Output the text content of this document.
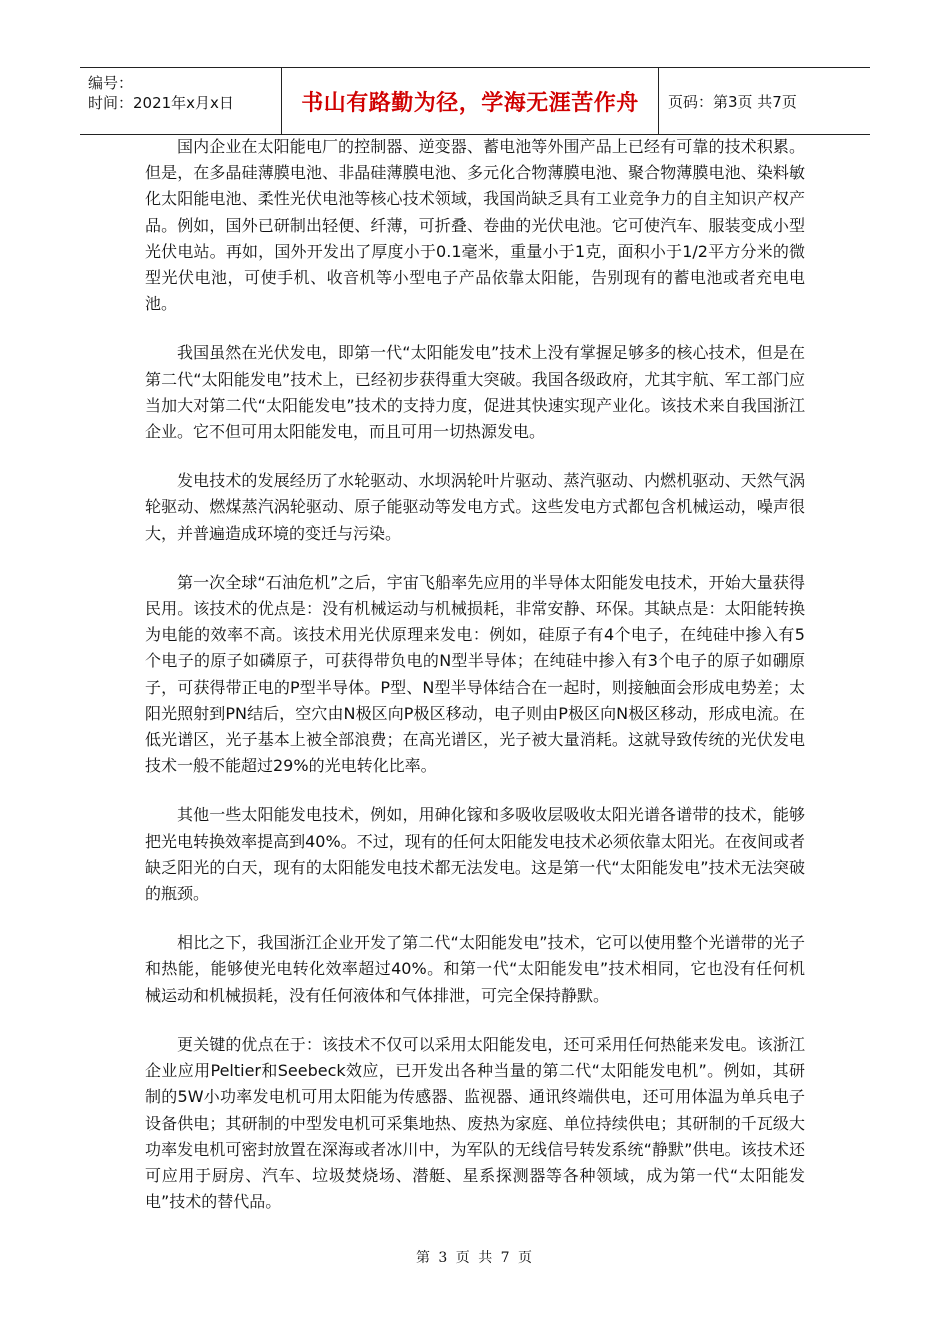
编号：
时间：2021年x月x日	书山有路勤为径，学海无涯苦作舟	页码：第3页 共7页

国内企业在太阳能电厂的控制器、逆变器、蓄电池等外围产品上已经有可靠的技术积累。但是，在多晶硅薄膜电池、非晶硅薄膜电池、多元化合物薄膜电池、聚合物薄膜电池、染料敏化太阳能电池、柔性光伏电池等核心技术领域，我国尚缺乏具有工业竞争力的自主知识产权产品。例如，国外已研制出轻便、纤薄，可折叠、卷曲的光伏电池。它可使汽车、服装变成小型光伏电站。再如，国外开发出了厚度小于0.1毫米，重量小于1克，面积小于1/2平方分米的微型光伏电池，可使手机、收音机等小型电子产品依靠太阳能，告别现有的蓄电池或者充电电池。

我国虽然在光伏发电，即第一代“太阳能发电”技术上没有掌握足够多的核心技术，但是在第二代“太阳能发电”技术上，已经初步获得重大突破。我国各级政府，尤其宇航、军工部门应当加大对第二代“太阳能发电”技术的支持力度，促进其快速实现产业化。该技术来自我国浙江企业。它不但可用太阳能发电，而且可用一切热源发电。

发电技术的发展经历了水轮驱动、水坝涡轮叶片驱动、蒸汽驱动、内燃机驱动、天然气涡轮驱动、燃煤蒸汽涡轮驱动、原子能驱动等发电方式。这些发电方式都包含机械运动，噪声很大，并普遍造成环境的变迁与污染。

第一次全球“石油危机”之后，宇宙飞船率先应用的半导体太阳能发电技术，开始大量获得民用。该技术的优点是：没有机械运动与机械损耗，非常安静、环保。其缺点是：太阳能转换为电能的效率不高。该技术用光伏原理来发电：例如，硅原子有4个电子，在纯硅中掺入有5个电子的原子如磷原子，可获得带负电的N型半导体；在纯硅中掺入有3个电子的原子如硼原子，可获得带正电的P型半导体。P型、N型半导体结合在一起时，则接触面会形成电势差；太阳光照射到PN结后，空穴由N极区向P极区移动，电子则由P极区向N极区移动，形成电流。在低光谱区，光子基本上被全部浪费；在高光谱区，光子被大量消耗。这就导致传统的光伏发电技术一般不能超过29%的光电转化比率。

其他一些太阳能发电技术，例如，用砷化镓和多吸收层吸收太阳光谱各谱带的技术，能够把光电转换效率提高到40%。不过，现有的任何太阳能发电技术必须依靠太阳光。在夜间或者缺乏阳光的白天，现有的太阳能发电技术都无法发电。这是第一代“太阳能发电”技术无法突破的瓶颈。

相比之下，我国浙江企业开发了第二代“太阳能发电”技术，它可以使用整个光谱带的光子和热能，能够使光电转化效率超过40%。和第一代“太阳能发电”技术相同，它也没有任何机械运动和机械损耗，没有任何液体和气体排泄，可完全保持静默。

更关键的优点在于：该技术不仅可以采用太阳能发电，还可采用任何热能来发电。该浙江企业应用Peltier和Seebeck效应，已开发出各种当量的第二代“太阳能发电机”。例如，其研制的5W小功率发电机可用太阳能为传感器、监视器、通讯终端供电，还可用体温为单兵电子设备供电；其研制的中型发电机可采集地热、废热为家庭、单位持续供电；其研制的千瓦级大功率发电机可密封放置在深海或者冰川中，为军队的无线信号转发系统“静默”供电。该技术还可应用于厨房、汽车、垃圾焚烧场、潜艇、星系探测器等各种领域，成为第一代“太阳能发电”技术的替代品。

第 3 页 共 7 页
